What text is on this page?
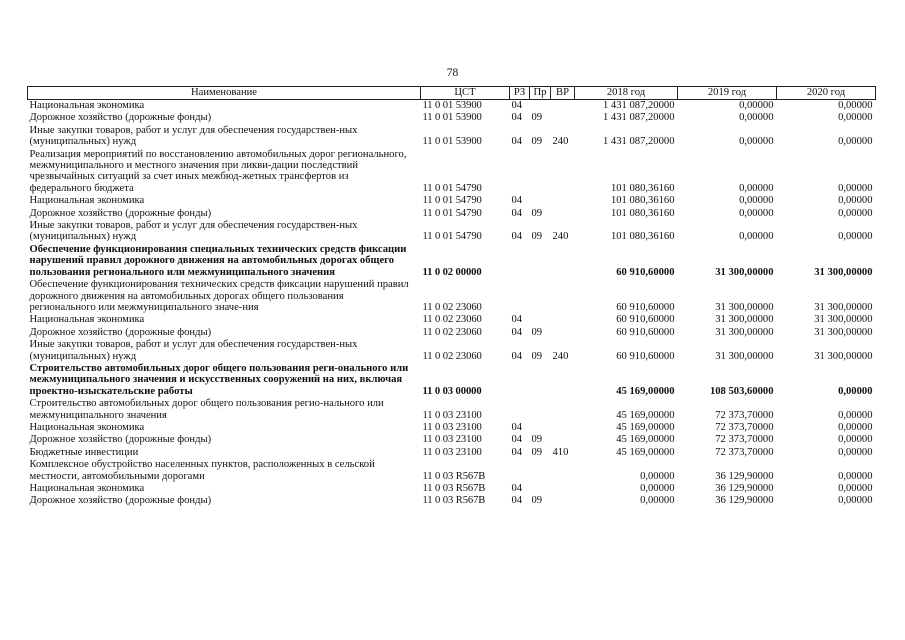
78
Наименование	ЦСТ	РЗ	Пр	ВР	2018 год	2019 год	2020 год
Национальная экономика	11 0 01 53900	04			1 431 087,20000	0,00000	0,00000
Дорожное хозяйство (дорожные фонды)	11 0 01 53900	04	09		1 431 087,20000	0,00000	0,00000
Иные закупки товаров, работ и услуг для обеспечения государствен-ных (муниципальных) нужд	11 0 01 53900	04	09	240	1 431 087,20000	0,00000	0,00000
Реализация мероприятий по восстановлению автомобильных дорог регионального, межмуниципального и местного значения при ликви-дации последствий чрезвычайных ситуаций за счет иных межбюд-жетных трансфертов из федерального бюджета	11 0 01 54790				101 080,36160	0,00000	0,00000
Национальная экономика	11 0 01 54790	04			101 080,36160	0,00000	0,00000
Дорожное хозяйство (дорожные фонды)	11 0 01 54790	04	09		101 080,36160	0,00000	0,00000
Иные закупки товаров, работ и услуг для обеспечения государствен-ных (муниципальных) нужд	11 0 01 54790	04	09	240	101 080,36160	0,00000	0,00000
Обеспечение функционирования специальных технических средств фиксации нарушений правил дорожного движения на автомобильных дорогах общего пользования регионального или межмуниципального значения	11 0 02 00000				60 910,60000	31 300,00000	31 300,00000
Обеспечение функционирования технических средств фиксации нарушений правил дорожного движения на автомобильных дорогах общего пользования регионального или межмуниципального значе-ния	11 0 02 23060				60 910,60000	31 300,00000	31 300,00000
Национальная экономика	11 0 02 23060	04			60 910,60000	31 300,00000	31 300,00000
Дорожное хозяйство (дорожные фонды)	11 0 02 23060	04	09		60 910,60000	31 300,00000	31 300,00000
Иные закупки товаров, работ и услуг для обеспечения государствен-ных (муниципальных) нужд	11 0 02 23060	04	09	240	60 910,60000	31 300,00000	31 300,00000
Строительство автомобильных дорог общего пользования реги-онального или межмуниципального значения и искусственных сооружений на них, включая проектно-изыскательские работы	11 0 03 00000				45 169,00000	108 503,60000	0,00000
Строительство автомобильных дорог общего пользования регио-нального или межмуниципального значения	11 0 03 23100				45 169,00000	72 373,70000	0,00000
Национальная экономика	11 0 03 23100	04			45 169,00000	72 373,70000	0,00000
Дорожное хозяйство (дорожные фонды)	11 0 03 23100	04	09		45 169,00000	72 373,70000	0,00000
Бюджетные инвестиции	11 0 03 23100	04	09	410	45 169,00000	72 373,70000	0,00000
Комплексное обустройство населенных пунктов, расположенных в сельской местности, автомобильными дорогами	11 0 03 R567B				0,00000	36 129,90000	0,00000
Национальная экономика	11 0 03 R567B	04			0,00000	36 129,90000	0,00000
Дорожное хозяйство (дорожные фонды)	11 0 03 R567B	04	09		0,00000	36 129,90000	0,00000
